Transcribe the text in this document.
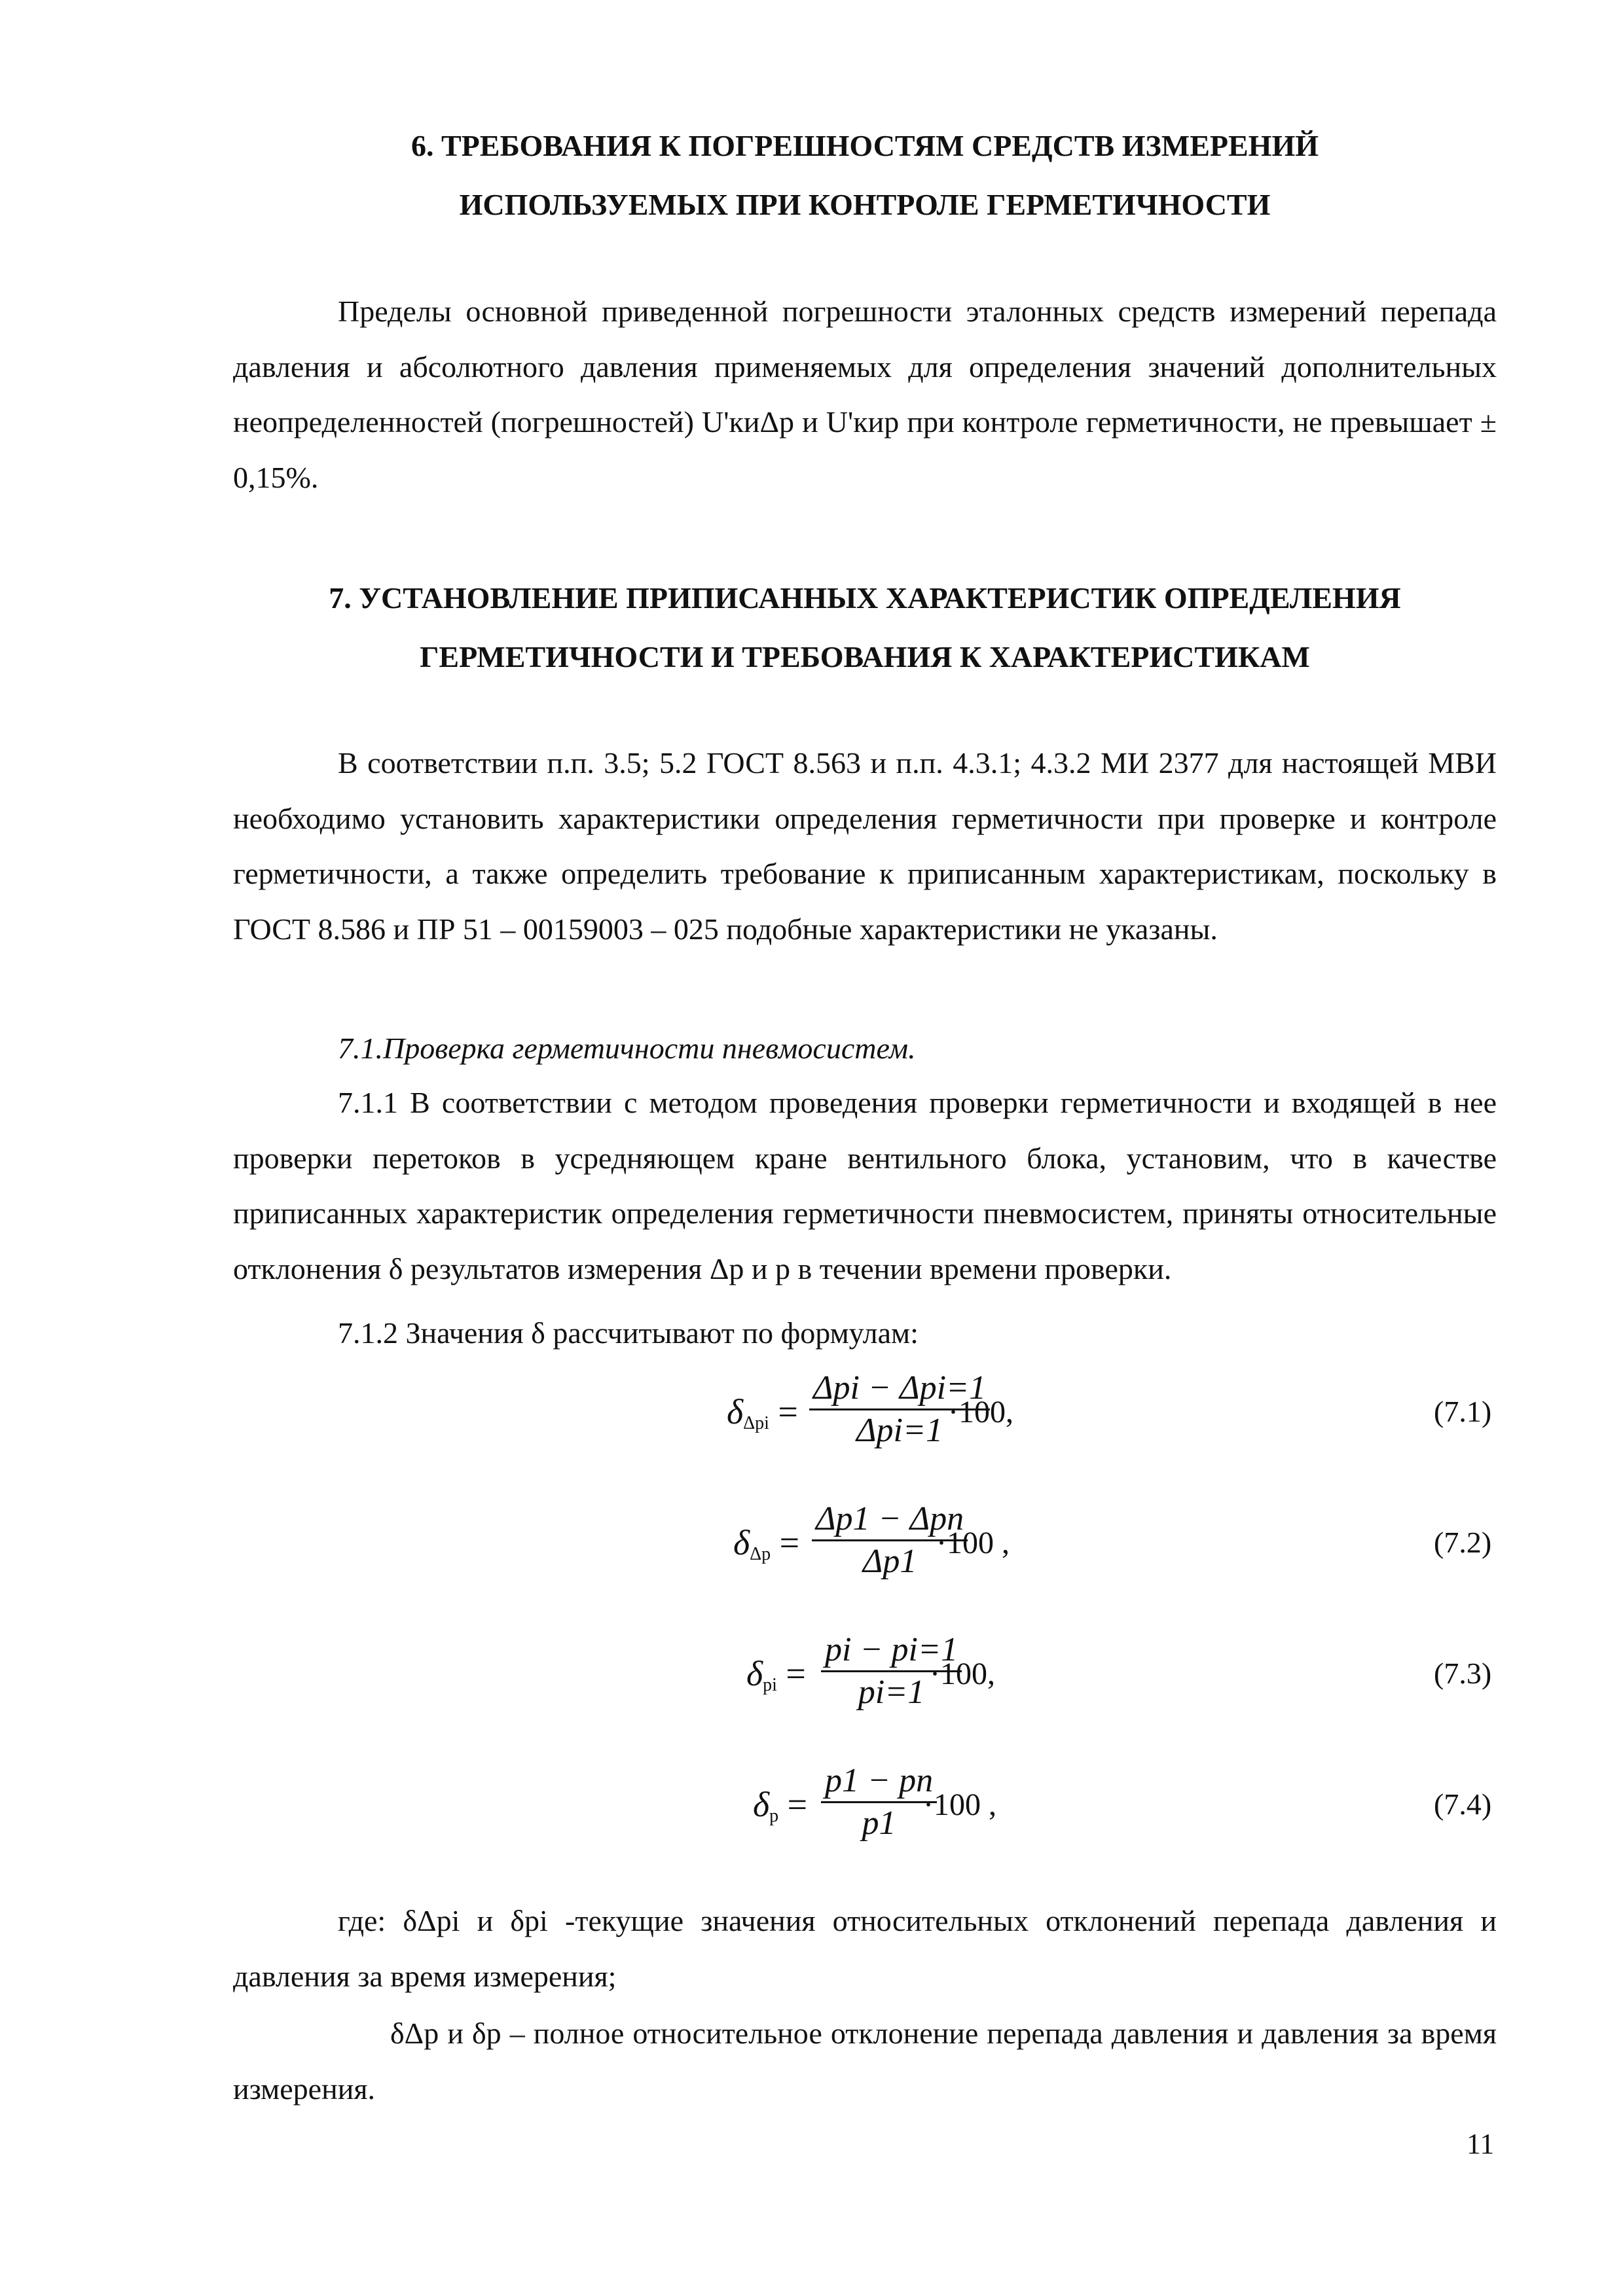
6. ТРЕБОВАНИЯ К ПОГРЕШНОСТЯМ СРЕДСТВ ИЗМЕРЕНИЙ
ИСПОЛЬЗУЕМЫХ ПРИ КОНТРОЛЕ ГЕРМЕТИЧНОСТИ
Пределы основной приведенной погрешности эталонных средств измерений перепада давления и абсолютного давления применяемых для определения значений дополнительных неопределенностей (погрешностей) U'киΔр и U'кир при контроле герметичности, не превышает ± 0,15%.
7. УСТАНОВЛЕНИЕ ПРИПИСАННЫХ ХАРАКТЕРИСТИК ОПРЕДЕЛЕНИЯ
ГЕРМЕТИЧНОСТИ И ТРЕБОВАНИЯ К ХАРАКТЕРИСТИКАМ
В соответствии п.п. 3.5; 5.2 ГОСТ 8.563 и п.п. 4.3.1; 4.3.2 МИ 2377 для настоящей МВИ необходимо установить характеристики определения герметичности при проверке и контроле герметичности, а также определить требование к приписанным характеристикам, поскольку в ГОСТ 8.586 и ПР 51 – 00159003 – 025 подобные характеристики не указаны.
7.1.Проверка герметичности пневмосистем.
7.1.1 В соответствии с методом проведения проверки герметичности и входящей в нее проверки перетоков в усредняющем кране вентильного блока, установим, что в качестве приписанных характеристик определения герметичности пневмосистем, приняты относительные отклонения δ результатов измерения Δр и р в течении времени проверки.
7.1.2 Значения δ рассчитывают по формулам:
$\delta_{\Delta pi}$ =
Δpi − Δpi=1
Δpi=1 ·100,	(7.1)
$\delta_{\Delta p}$ =
Δp1 − Δpn
Δp1 ·100 ,	(7.2)
$\delta_{pi} = \frac{pi - pi=1}{pi=1}$
·100,	(7.3)
$\delta_p = \frac{p1 - pn}{p1}$
·100 ,	(7.4)
где: δΔpi и δpi -текущие значения относительных отклонений перепада давления и давления за время измерения;
δΔp и δp – полное относительное отклонение перепада давления и давления за время измерения.
11
